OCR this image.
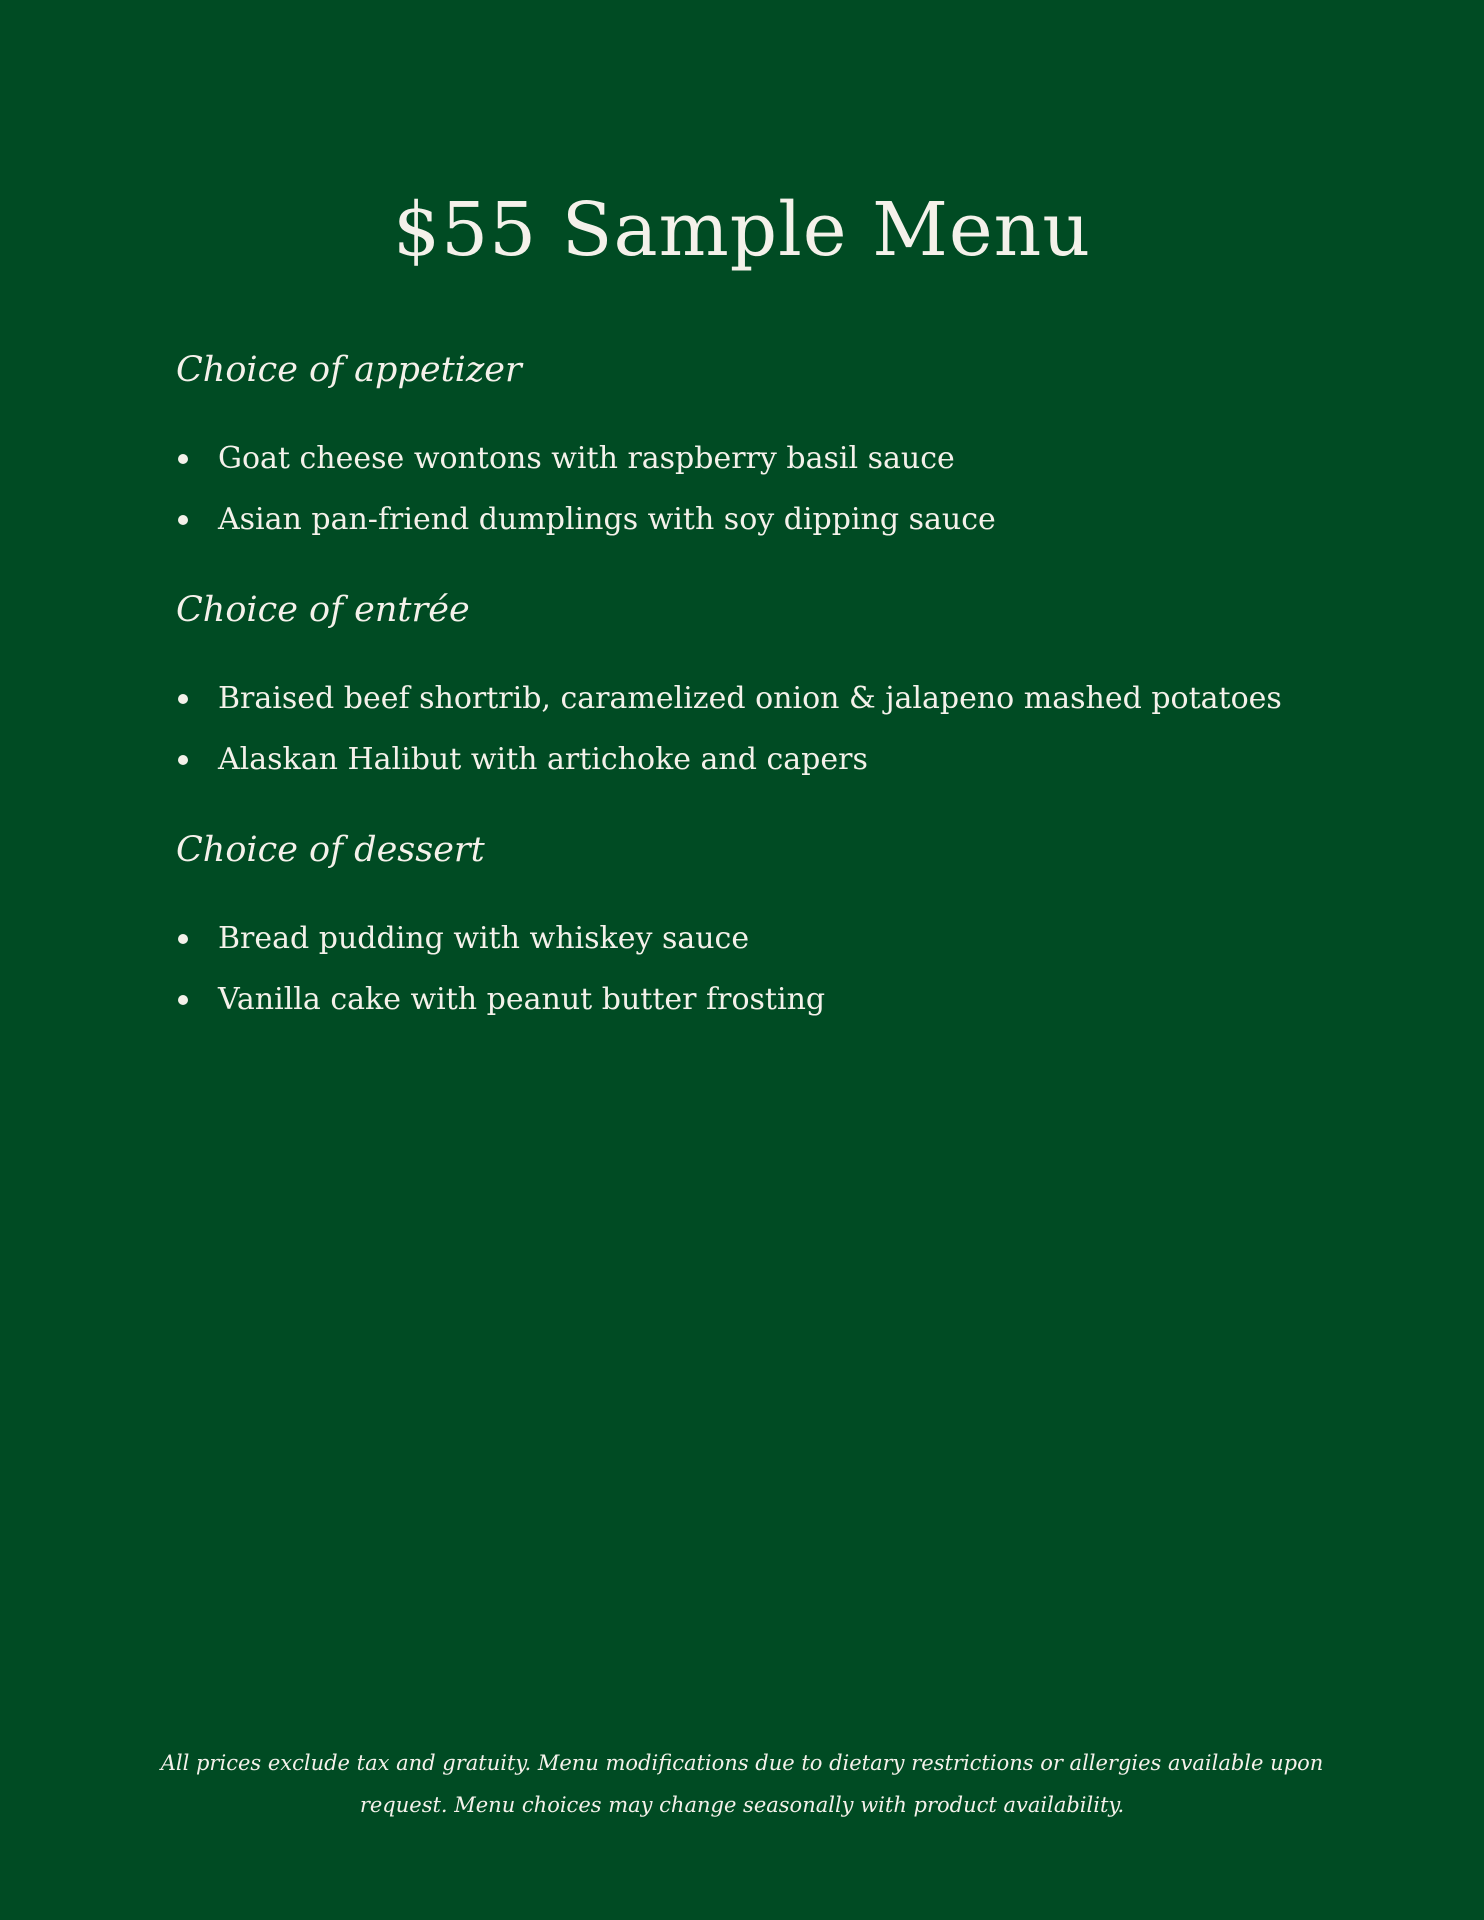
$55 Sample Menu
Choice of appetizer
Goat cheese wontons with raspberry basil sauce
Asian pan-friend dumplings with soy dipping sauce
Choice of entrée
Braised beef shortrib, caramelized onion & jalapeno mashed potatoes
Alaskan Halibut with artichoke and capers
Choice of dessert
Bread pudding with whiskey sauce
Vanilla cake with peanut butter frosting
All prices exclude tax and gratuity. Menu modifications due to dietary restrictions or allergies available upon
request. Menu choices may change seasonally with product availability.
